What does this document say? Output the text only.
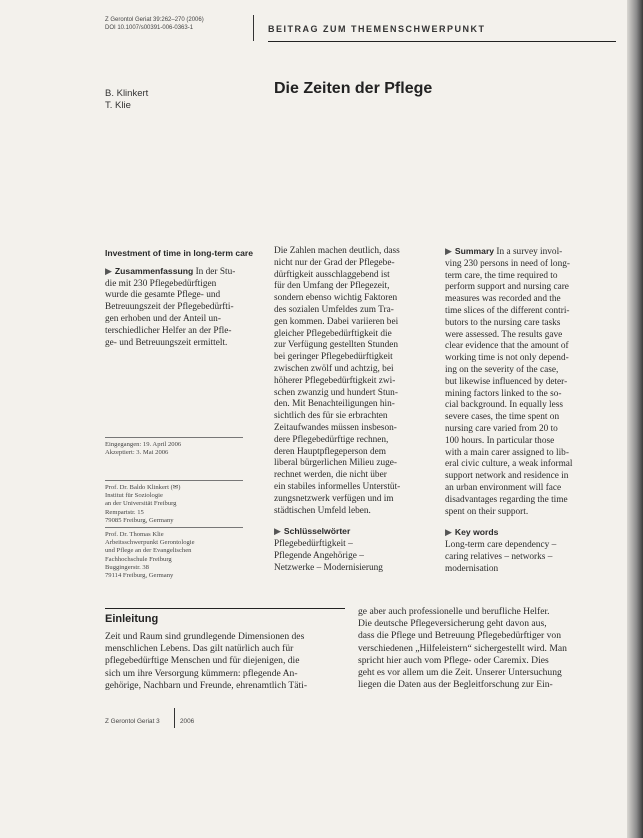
Z Gerontol Geriat 39:262–270 (2006)
DOI 10.1007/s00391-006-0363-1	BEITRAG ZUM THEMENSCHWERPUNKT
B. Klinkert
T. Klie
Die Zeiten der Pflege
Investment of time in long-term care
▶ Zusammenfassung In der Stu-
die mit 230 Pflegebedürftigen
wurde die gesamte Pflege- und
Betreuungszeit der Pflegebedürfti-
gen erhoben und der Anteil un-
terschiedlicher Helfer an der Pfle-
ge- und Betreuungszeit ermittelt.
Eingegangen: 19. April 2006
Akzeptiert: 3. Mai 2006
Prof. Dr. Baldo Klinkert (✉)
Institut für Soziologie
an der Universität Freiburg
Rempartstr. 15
79085 Freiburg, Germany
Prof. Dr. Thomas Klie
Arbeitsschwerpunkt Gerontologie
und Pflege an der Evangelischen
Fachhochschule Freiburg
Buggingerstr. 38
79114 Freiburg, Germany
Die Zahlen machen deutlich, dass
nicht nur der Grad der Pflegebe-
dürftigkeit ausschlaggebend ist
für den Umfang der Pflegezeit,
sondern ebenso wichtig Faktoren
des sozialen Umfeldes zum Tra-
gen kommen. Dabei variieren bei
gleicher Pflegebedürftigkeit die
zur Verfügung gestellten Stunden
bei geringer Pflegebedürftigkeit
zwischen zwölf und achtzig, bei
höherer Pflegebedürftigkeit zwi-
schen zwanzig und hundert Stun-
den. Mit Benachteiligungen hin-
sichtlich des für sie erbrachten
Zeitaufwandes müssen insbeson-
dere Pflegebedürftige rechnen,
deren Hauptpflegeperson dem
liberal bürgerlichen Milieu zuge-
rechnet werden, die nicht über
ein stabiles informelles Unterstüt-
zungsnetzwerk verfügen und im
städtischen Umfeld leben.
▶ Schlüsselwörter
Pflegebedürftigkeit –
Pflegende Angehörige –
Netzwerke – Modernisierung
▶ Summary In a survey invol-
ving 230 persons in need of long-
term care, the time required to
perform support and nursing care
measures was recorded and the
time slices of the different contri-
butors to the nursing care tasks
were assessed. The results gave
clear evidence that the amount of
working time is not only depend-
ing on the severity of the case,
but likewise influenced by deter-
mining factors linked to the so-
cial background. In equally less
severe cases, the time spent on
nursing care varied from 20 to
100 hours. In particular those
with a main carer assigned to lib-
eral civic culture, a weak informal
support network and residence in
an urban environment will face
disadvantages regarding the time
spent on their support.
▶ Key words
Long-term care dependency –
caring relatives – networks –
modernisation
Einleitung
Zeit und Raum sind grundlegende Dimensionen des
menschlichen Lebens. Das gilt natürlich auch für
pflegebedürftige Menschen und für diejenigen, die
sich um ihre Versorgung kümmern: pflegende An-
gehörige, Nachbarn und Freunde, ehrenamtlich Täti-
ge aber auch professionelle und berufliche Helfer.
Die deutsche Pflegeversicherung geht davon aus,
dass die Pflege und Betreuung Pflegebedürftiger von
verschiedenen „Hilfeleistern“ sichergestellt wird. Man
spricht hier auch vom Pflege- oder Caremix. Dies
geht es vor allem um die Zeit. Unserer Untersuchung
liegen die Daten aus der Begleitforschung zur Ein-
Z Gerontol Geriat 3	2006
